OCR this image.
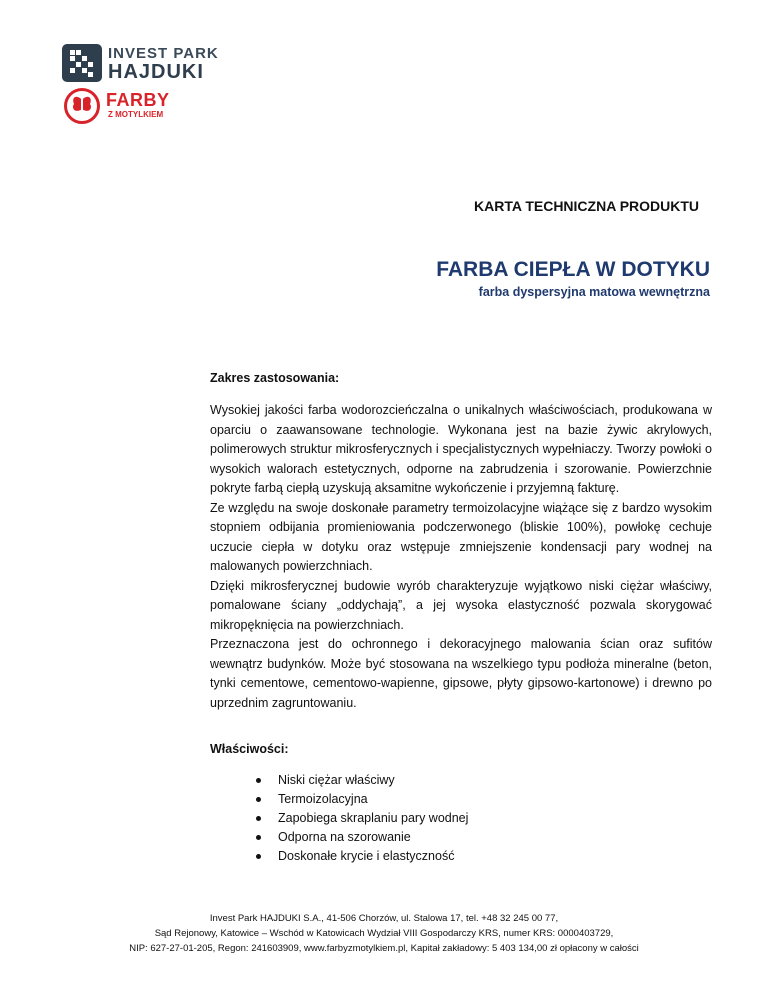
INVEST PARK
HAJDUKI
FARBY
Z MOTYLKIEM
KARTA TECHNICZNA PRODUKTU
FARBA CIEPŁA W DOTYKU
farba dyspersyjna matowa wewnętrzna
Zakres zastosowania:

Wysokiej jakości farba wodorozcieńczalna o unikalnych właściwościach, produkowana w oparciu o zaawansowane technologie. Wykonana jest na bazie żywic akrylowych, polimerowych struktur mikrosferycznych i specjalistycznych wypełniaczy. Tworzy powłoki o wysokich walorach estetycznych, odporne na zabrudzenia i szorowanie. Powierzchnie pokryte farbą ciepłą uzyskują aksamitne wykończenie i przyjemną fakturę.

Ze względu na swoje doskonałe parametry termoizolacyjne wiążące się z bardzo wysokim stopniem odbijania promieniowania podczerwonego (bliskie 100%), powłokę cechuje uczucie ciepła w dotyku oraz wstępuje zmniejszenie kondensacji pary wodnej na malowanych powierzchniach.

Dzięki mikrosferycznej budowie wyrób charakteryzuje wyjątkowo niski ciężar właściwy, pomalowane ściany „oddychają”, a jej wysoka elastyczność pozwala skorygować mikropęknięcia na powierzchniach.

Przeznaczona jest do ochronnego i dekoracyjnego malowania ścian oraz sufitów wewnątrz budynków. Może być stosowana na wszelkiego typu podłoża mineralne (beton, tynki cementowe, cementowo-wapienne, gipsowe, płyty gipsowo-kartonowe) i drewno po uprzednim zagruntowaniu.

Właściwości:
Niski ciężar właściwy
Termoizolacyjna
Zapobiega skraplaniu pary wodnej
Odporna na szorowanie
Doskonałe krycie i elastyczność
Invest Park HAJDUKI S.A., 41-506 Chorzów, ul. Stalowa 17, tel. +48 32 245 00 77,
Sąd Rejonowy, Katowice – Wschód w Katowicach Wydział VIII Gospodarczy KRS, numer KRS: 0000403729,
NIP: 627-27-01-205, Regon: 241603909, www.farbyzmotylkiem.pl, Kapitał zakładowy: 5 403 134,00 zł opłacony w całości
